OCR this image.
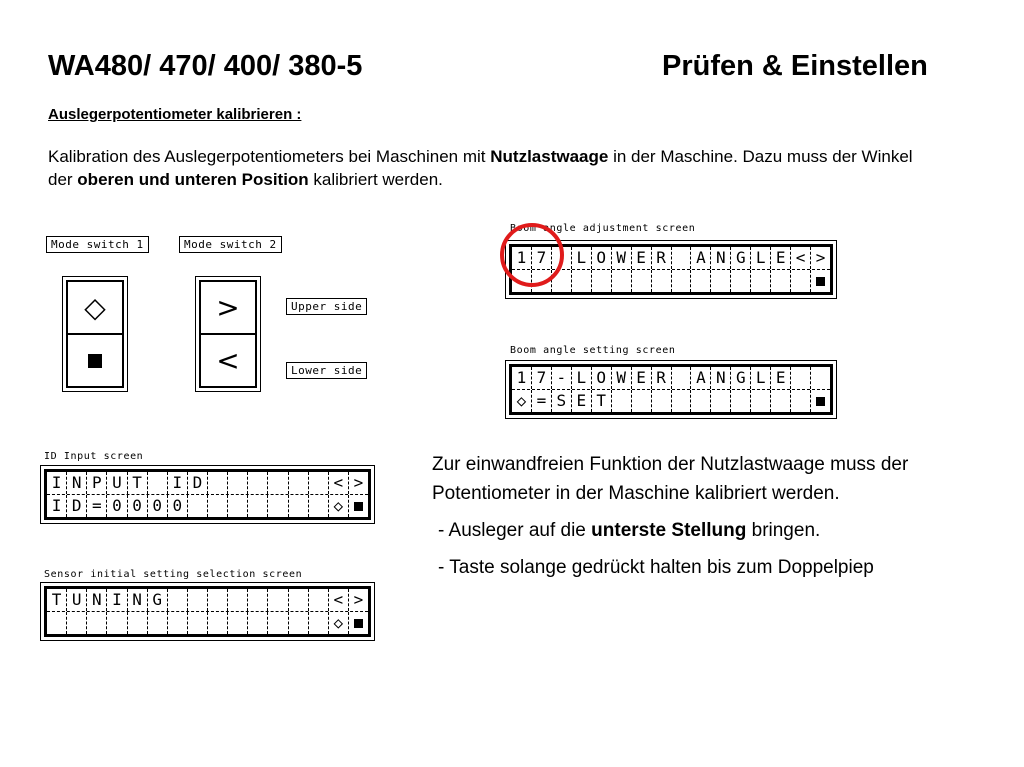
WA480/ 470/ 400/ 380-5	Prüfen & Einstellen
Auslegerpotentiometer kalibrieren :
Kalibration des Auslegerpotentiometers bei Maschinen mit Nutzlastwaage in der Maschine. Dazu muss der Winkel der oberen und unteren Position kalibriert werden.
Mode switch 1	Mode switch 2
◇	>
<
Upper side
Lower side
Boom angle adjustment screen
1 7	L O W E R	A N G L E < >
Boom angle setting screen
1 7 - L O W E R	A N G L E
◇ = S E T
ID Input screen
I N P U T	I D	< >
I D = 0 0 0 0	◇
Sensor initial setting selection screen
T U N I N G	< >
◇

Zur einwandfreien Funktion der Nutzlastwaage muss der Potentiometer in der Maschine kalibriert werden.

- Ausleger auf die unterste Stellung bringen.

- Taste solange gedrückt halten bis zum Doppelpiep
